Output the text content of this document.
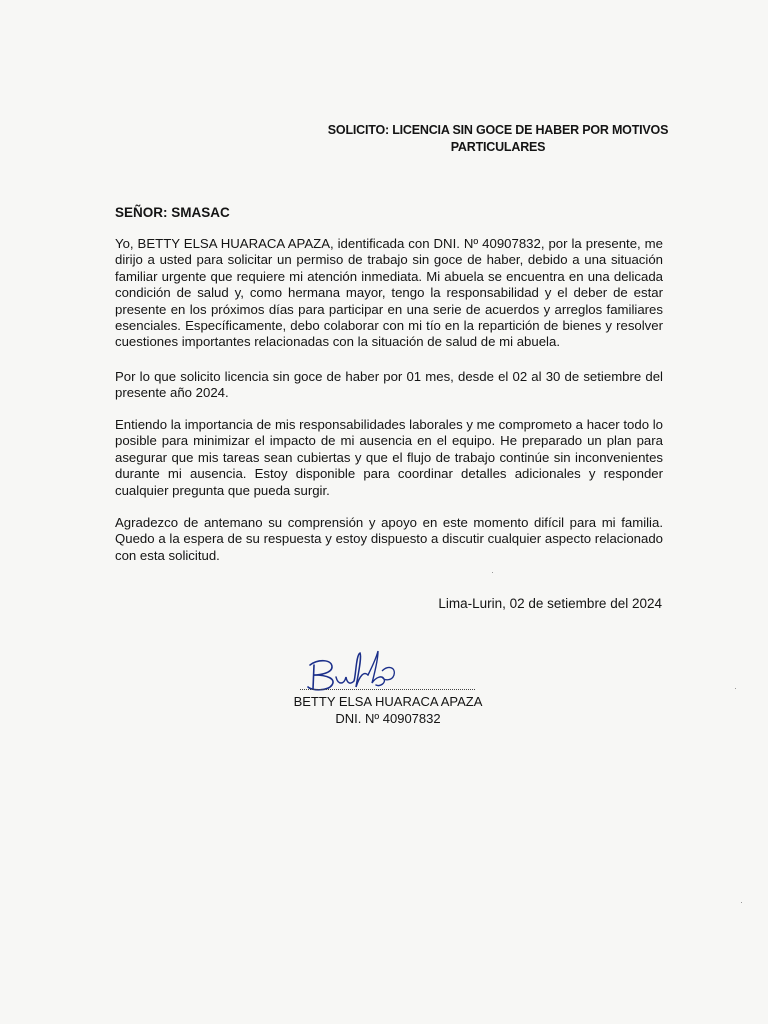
SOLICITO: LICENCIA SIN GOCE DE HABER POR MOTIVOS
PARTICULARES
SEÑOR: SMASAC

Yo, BETTY ELSA HUARACA APAZA, identificada con DNI. Nº 40907832, por la presente, me dirijo a usted para solicitar un permiso de trabajo sin goce de haber, debido a una situación familiar urgente que requiere mi atención inmediata. Mi abuela se encuentra en una delicada condición de salud y, como hermana mayor, tengo la responsabilidad y el deber de estar presente en los próximos días para participar en una serie de acuerdos y arreglos familiares esenciales. Específicamente, debo colaborar con mi tío en la repartición de bienes y resolver cuestiones importantes relacionadas con la situación de salud de mi abuela.

Por lo que solicito licencia sin goce de haber por 01 mes, desde el 02 al 30 de setiembre del presente año 2024.

Entiendo la importancia de mis responsabilidades laborales y me comprometo a hacer todo lo posible para minimizar el impacto de mi ausencia en el equipo. He preparado un plan para asegurar que mis tareas sean cubiertas y que el flujo de trabajo continúe sin inconvenientes durante mi ausencia. Estoy disponible para coordinar detalles adicionales y responder cualquier pregunta que pueda surgir.

Agradezco de antemano su comprensión y apoyo en este momento difícil para mi familia. Quedo a la espera de su respuesta y estoy dispuesto a discutir cualquier aspecto relacionado con esta solicitud.

Lima-Lurin, 02 de setiembre del 2024
BETTY ELSA HUARACA APAZA
DNI. Nº 40907832
